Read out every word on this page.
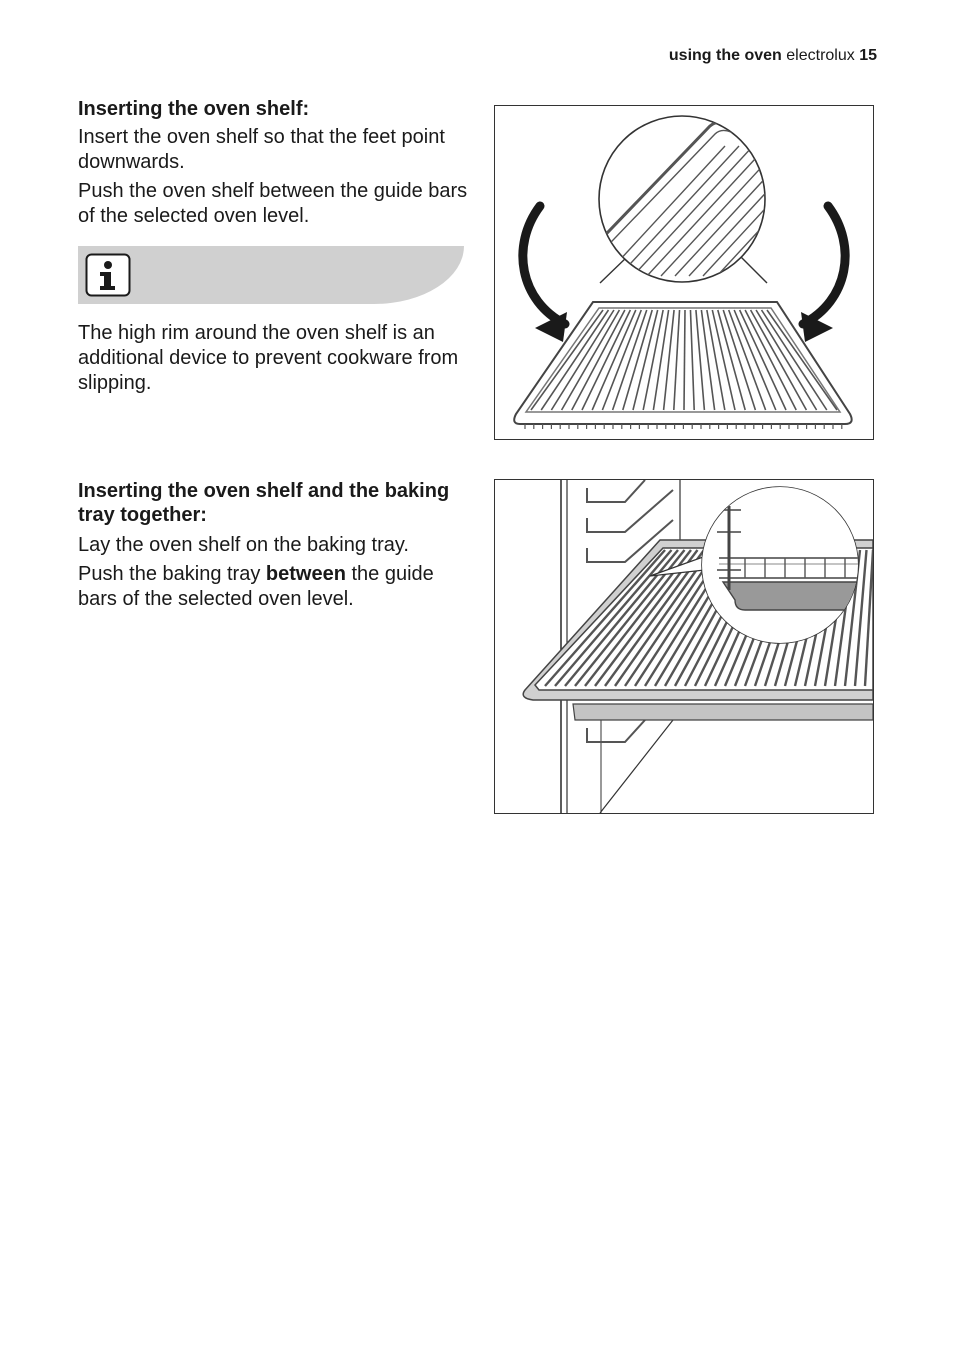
using the oven electrolux 15
Inserting the oven shelf:

Insert the oven shelf so that the feet point downwards.

Push the oven shelf between the guide bars of the selected oven level.

The high rim around the oven shelf is an additional device to prevent cookware from slipping.

Inserting the oven shelf and the baking tray together:

Lay the oven shelf on the baking tray.

Push the baking tray between the guide bars of the selected oven level.
